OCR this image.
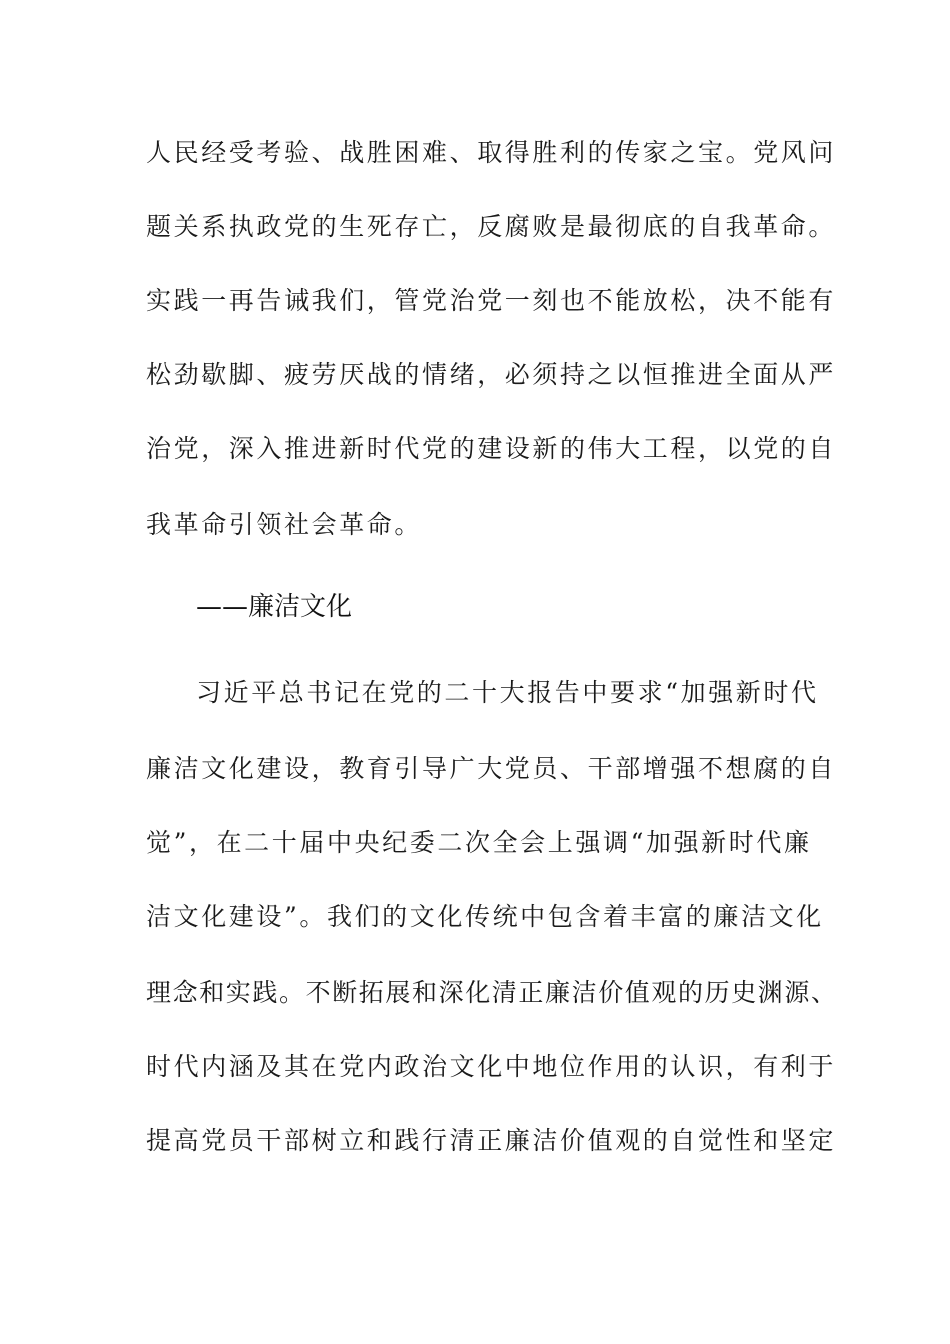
人民经受考验、战胜困难、取得胜利的传家之宝。党风问
题关系执政党的生死存亡，反腐败是最彻底的自我革命。
实践一再告诫我们，管党治党一刻也不能放松，决不能有
松劲歇脚、疲劳厌战的情绪，必须持之以恒推进全面从严
治党，深入推进新时代党的建设新的伟大工程，以党的自
我革命引领社会革命。
——廉洁文化
习近平总书记在党的二十大报告中要求“加强新时代
廉洁文化建设，教育引导广大党员、干部增强不想腐的自
觉”，在二十届中央纪委二次全会上强调“加强新时代廉
洁文化建设”。我们的文化传统中包含着丰富的廉洁文化
理念和实践。不断拓展和深化清正廉洁价值观的历史渊源、
时代内涵及其在党内政治文化中地位作用的认识，有利于
提高党员干部树立和践行清正廉洁价值观的自觉性和坚定
